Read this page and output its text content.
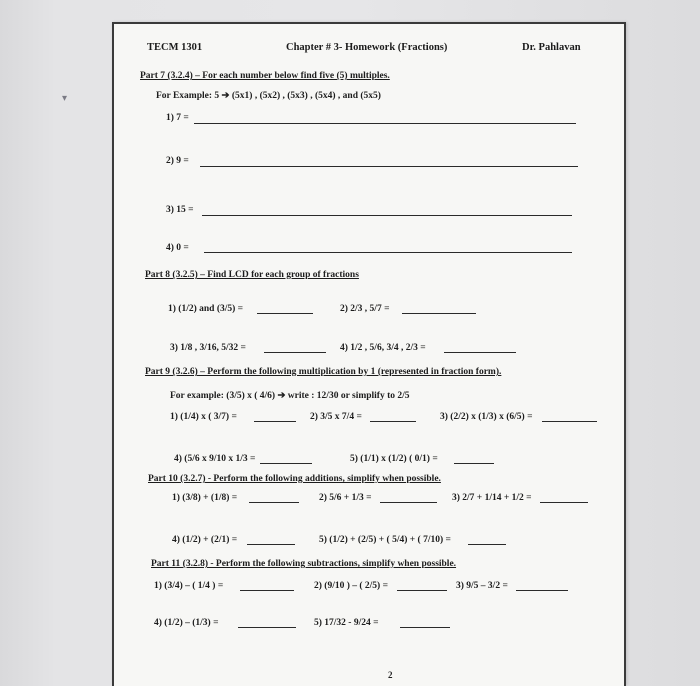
▾
TECM 1301	Chapter # 3- Homework (Fractions)	Dr. Pahlavan
Part 7 (3.2.4) – For each number below find five (5) multiples.
For Example: 5 ➔ (5x1) , (5x2) , (5x3) , (5x4) , and (5x5)
1) 7 =
2) 9 =
3) 15 =
4) 0 =
Part 8 (3.2.5) – Find LCD for each group of fractions
1) (1/2) and (3/5) =	2) 2/3 , 5/7 =
3) 1/8 , 3/16, 5/32 =	4) 1/2 , 5/6, 3/4 , 2/3 =
Part 9 (3.2.6) – Perform the following multiplication by 1 (represented in fraction form).
For example: (3/5) x ( 4/6) ➔ write : 12/30 or simplify to 2/5
1) (1/4) x ( 3/7) =	2) 3/5 x 7/4 =	3) (2/2) x (1/3) x (6/5) =
4) (5/6 x 9/10 x 1/3 =	5) (1/1) x (1/2) ( 0/1) =
Part 10 (3.2.7) - Perform the following additions, simplify when possible.
1) (3/8) + (1/8) =	2) 5/6 + 1/3 =	3) 2/7 + 1/14 + 1/2 =
4) (1/2) + (2/1) =	5) (1/2) + (2/5) + ( 5/4) + ( 7/10) =
Part 11 (3.2.8) - Perform the following subtractions, simplify when possible.
1) (3/4) – ( 1/4 ) =	2) (9/10 ) – ( 2/5) =	3) 9/5 – 3/2 =
4) (1/2) – (1/3) =	5) 17/32 - 9/24 =
2
